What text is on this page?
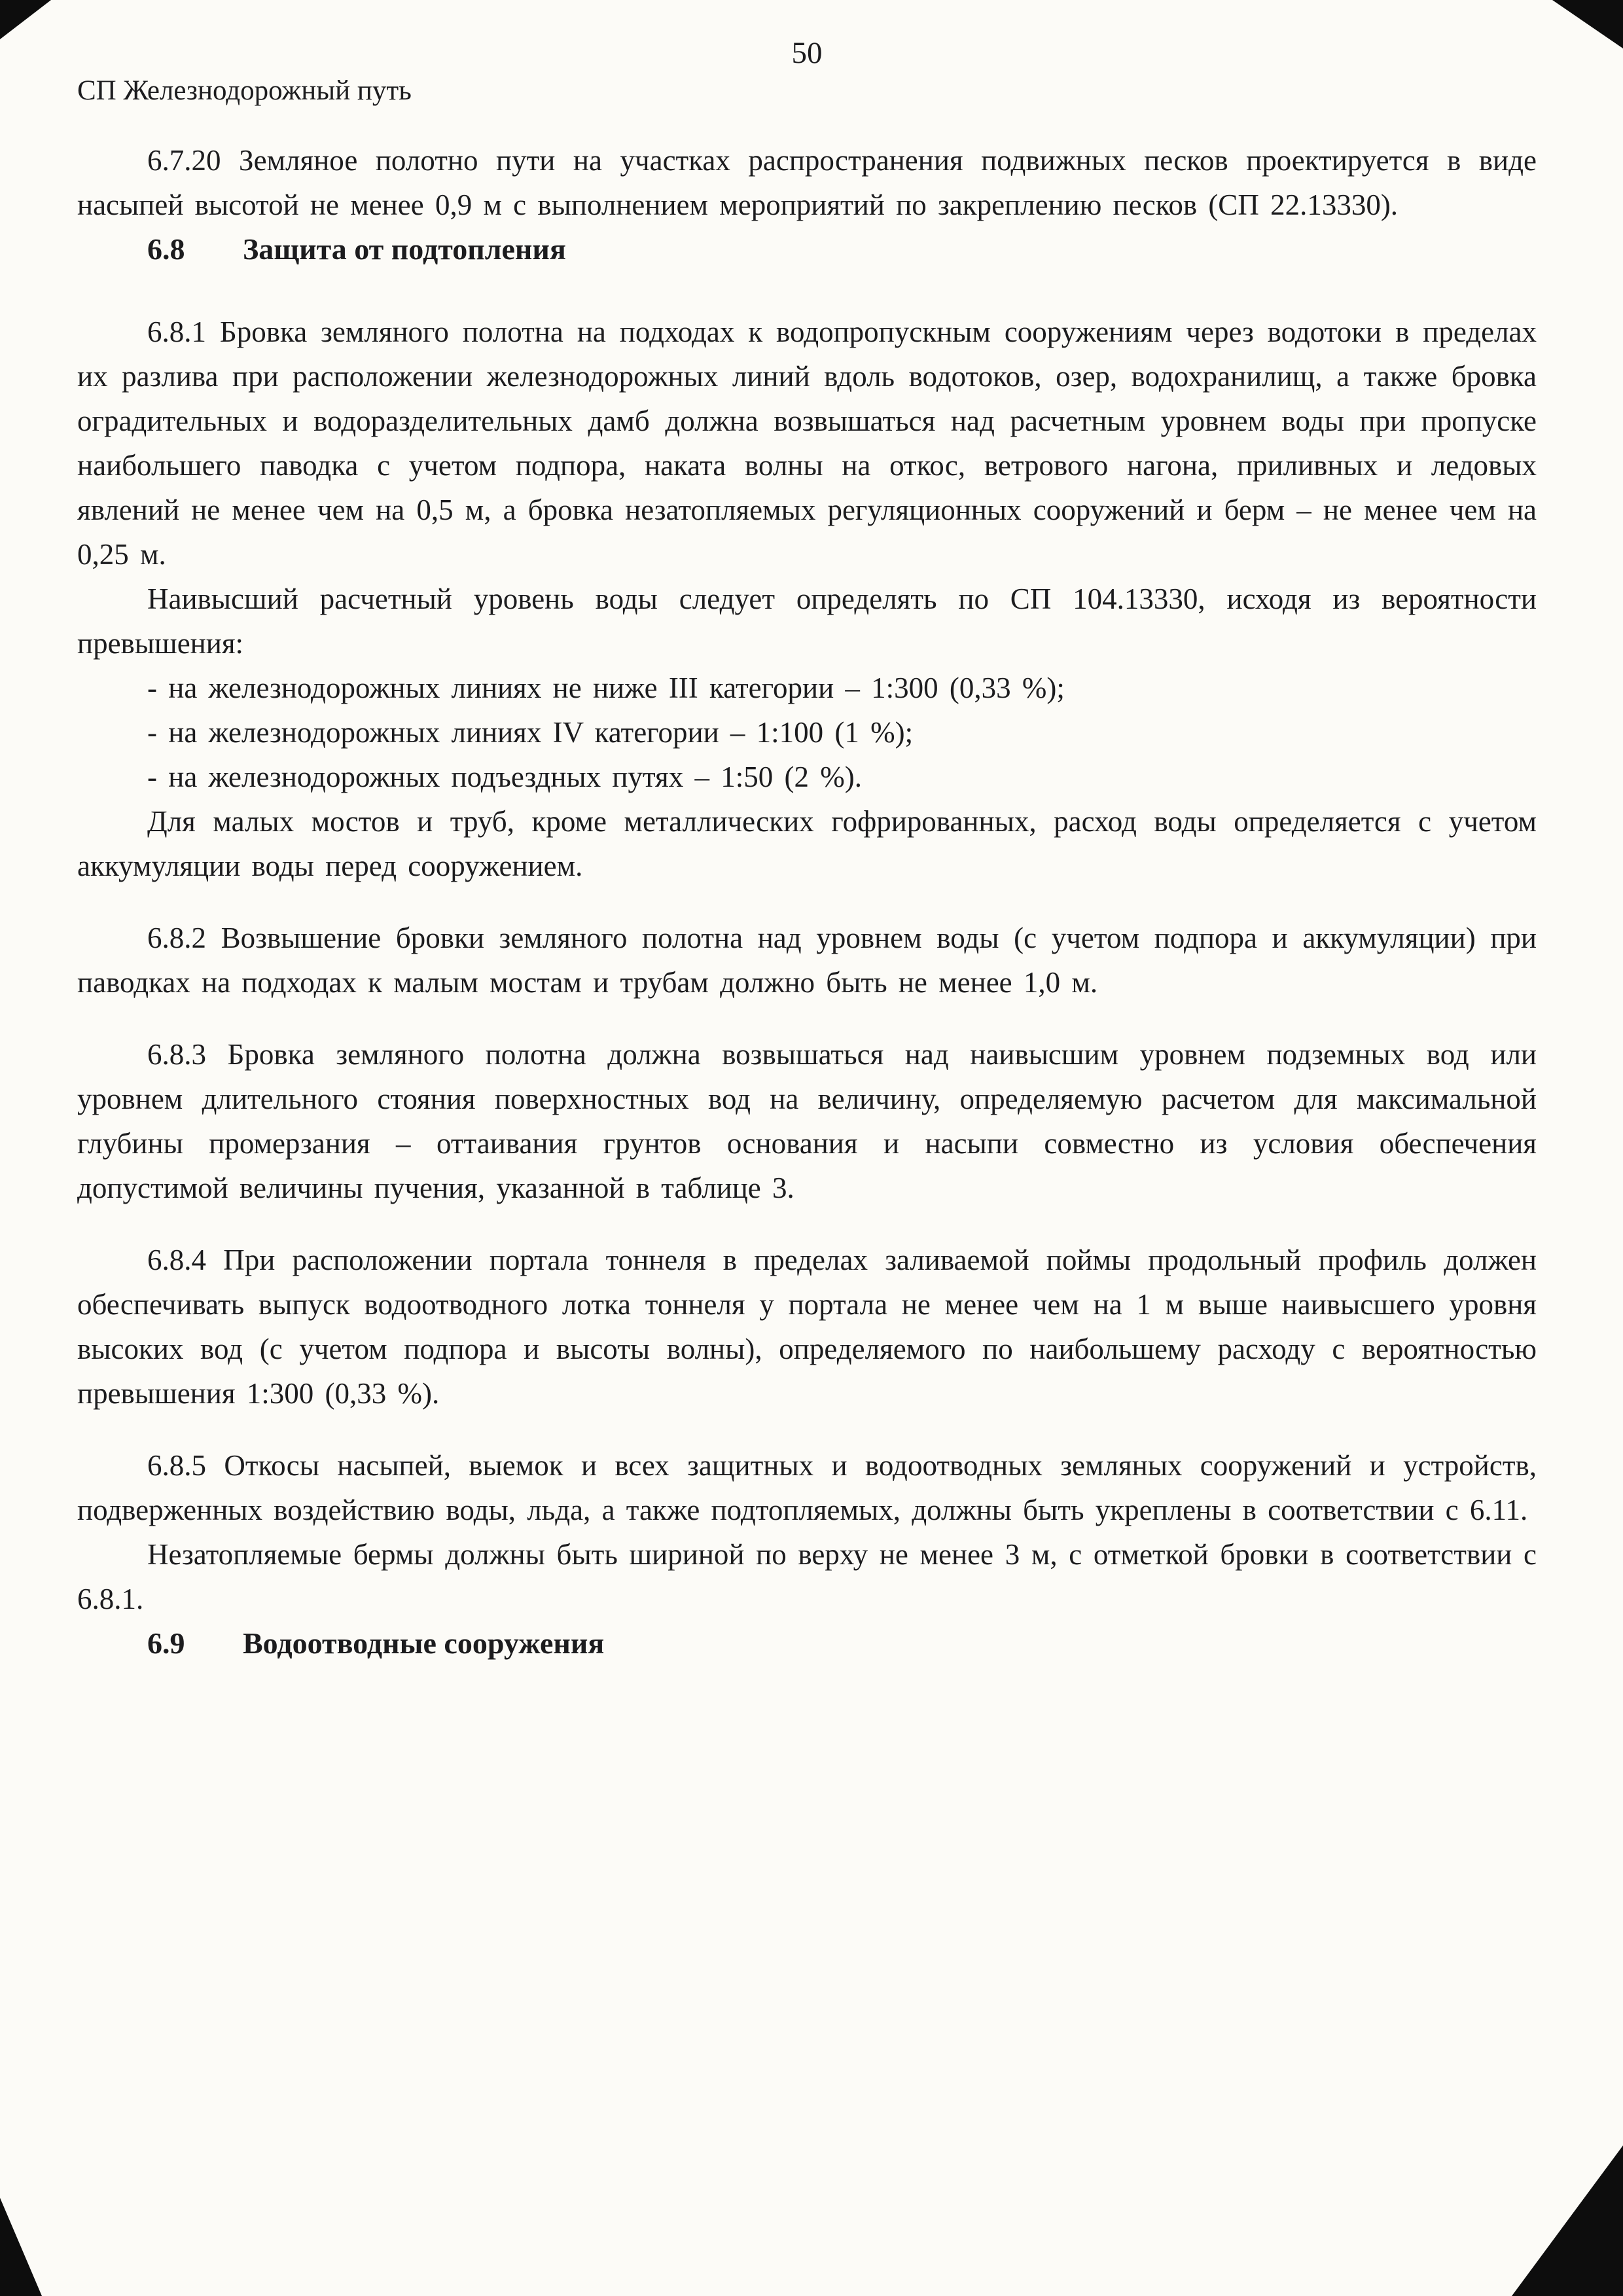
50
СП Железнодорожный путь

6.7.20 Земляное полотно пути на участках распространения подвижных песков проектируется в виде насыпей высотой не менее 0,9 м с выполнением мероприятий по закреплению песков (СП 22.13330).

6.8	Защита от подтопления

6.8.1 Бровка земляного полотна на подходах к водопропускным сооружениям через водотоки в пределах их разлива при расположении железнодорожных линий вдоль водотоков, озер, водохранилищ, а также бровка оградительных и водоразделительных дамб должна возвышаться над расчетным уровнем воды при пропуске наибольшего паводка с учетом подпора, наката волны на откос, ветрового нагона, приливных и ледовых явлений не менее чем на 0,5 м, а бровка незатопляемых регуляционных сооружений и берм – не менее чем на 0,25 м.

Наивысший расчетный уровень воды следует определять по СП 104.13330, исходя из вероятности превышения:

- на железнодорожных линиях не ниже III категории – 1:300 (0,33 %);

- на железнодорожных линиях IV категории – 1:100 (1 %);

- на железнодорожных подъездных путях – 1:50 (2 %).

Для малых мостов и труб, кроме металлических гофрированных, расход воды определяется с учетом аккумуляции воды перед сооружением.

6.8.2 Возвышение бровки земляного полотна над уровнем воды (с учетом подпора и аккумуляции) при паводках на подходах к малым мостам и трубам должно быть не менее 1,0 м.

6.8.3 Бровка земляного полотна должна возвышаться над наивысшим уровнем подземных вод или уровнем длительного стояния поверхностных вод на величину, определяемую расчетом для максимальной глубины промерзания – оттаивания грунтов основания и насыпи совместно из условия обеспечения допустимой величины пучения, указанной в таблице 3.

6.8.4 При расположении портала тоннеля в пределах заливаемой поймы продольный профиль должен обеспечивать выпуск водоотводного лотка тоннеля у портала не менее чем на 1 м выше наивысшего уровня высоких вод (с учетом подпора и высоты волны), определяемого по наибольшему расходу с вероятностью превышения 1:300 (0,33 %).

6.8.5 Откосы насыпей, выемок и всех защитных и водоотводных земляных сооружений и устройств, подверженных воздействию воды, льда, а также подтопляемых, должны быть укреплены в соответствии с 6.11.

Незатопляемые бермы должны быть шириной по верху не менее 3 м, с отметкой бровки в соответствии с 6.8.1.

6.9	Водоотводные сооружения
